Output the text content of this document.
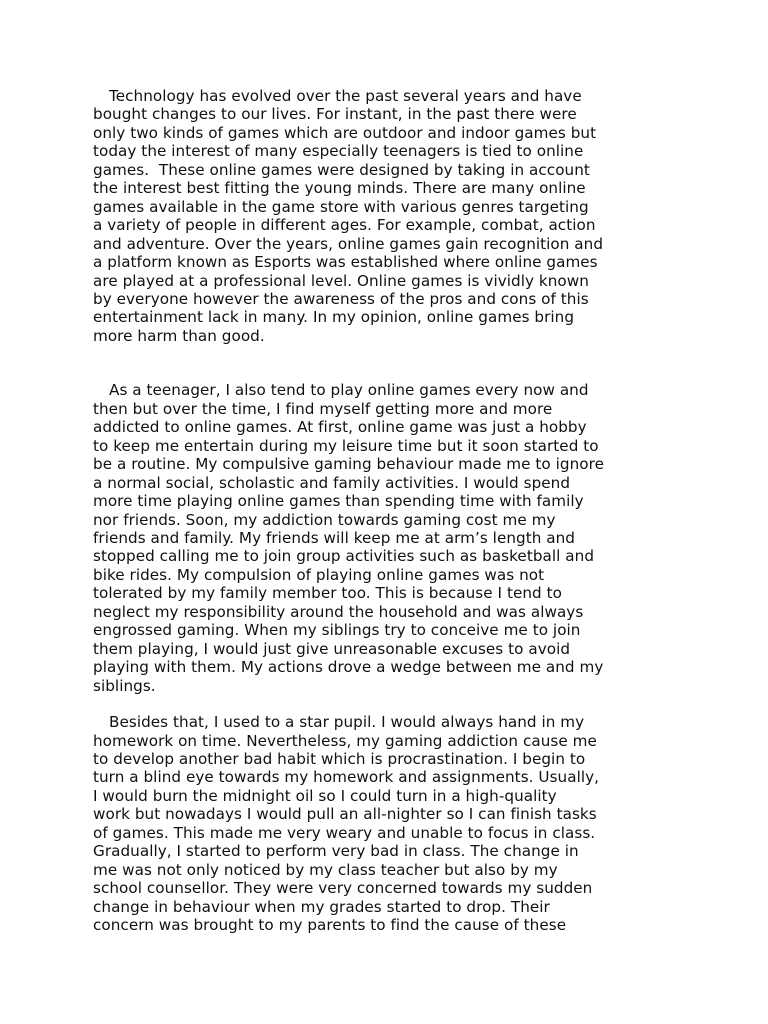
Technology has evolved over the past several years and have
bought changes to our lives. For instant, in the past there were
only two kinds of games which are outdoor and indoor games but
today the interest of many especially teenagers is tied to online
games.  These online games were designed by taking in account
the interest best fitting the young minds. There are many online
games available in the game store with various genres targeting
a variety of people in different ages. For example, combat, action
and adventure. Over the years, online games gain recognition and
a platform known as Esports was established where online games
are played at a professional level. Online games is vividly known
by everyone however the awareness of the pros and cons of this
entertainment lack in many. In my opinion, online games bring
more harm than good.
As a teenager, I also tend to play online games every now and
then but over the time, I find myself getting more and more
addicted to online games. At first, online game was just a hobby
to keep me entertain during my leisure time but it soon started to
be a routine. My compulsive gaming behaviour made me to ignore
a normal social, scholastic and family activities. I would spend
more time playing online games than spending time with family
nor friends. Soon, my addiction towards gaming cost me my
friends and family. My friends will keep me at arm’s length and
stopped calling me to join group activities such as basketball and
bike rides. My compulsion of playing online games was not
tolerated by my family member too. This is because I tend to
neglect my responsibility around the household and was always
engrossed gaming. When my siblings try to conceive me to join
them playing, I would just give unreasonable excuses to avoid
playing with them. My actions drove a wedge between me and my
siblings.
Besides that, I used to a star pupil. I would always hand in my
homework on time. Nevertheless, my gaming addiction cause me
to develop another bad habit which is procrastination. I begin to
turn a blind eye towards my homework and assignments. Usually,
I would burn the midnight oil so I could turn in a high-quality
work but nowadays I would pull an all-nighter so I can finish tasks
of games. This made me very weary and unable to focus in class.
Gradually, I started to perform very bad in class. The change in
me was not only noticed by my class teacher but also by my
school counsellor. They were very concerned towards my sudden
change in behaviour when my grades started to drop. Their
concern was brought to my parents to find the cause of these
